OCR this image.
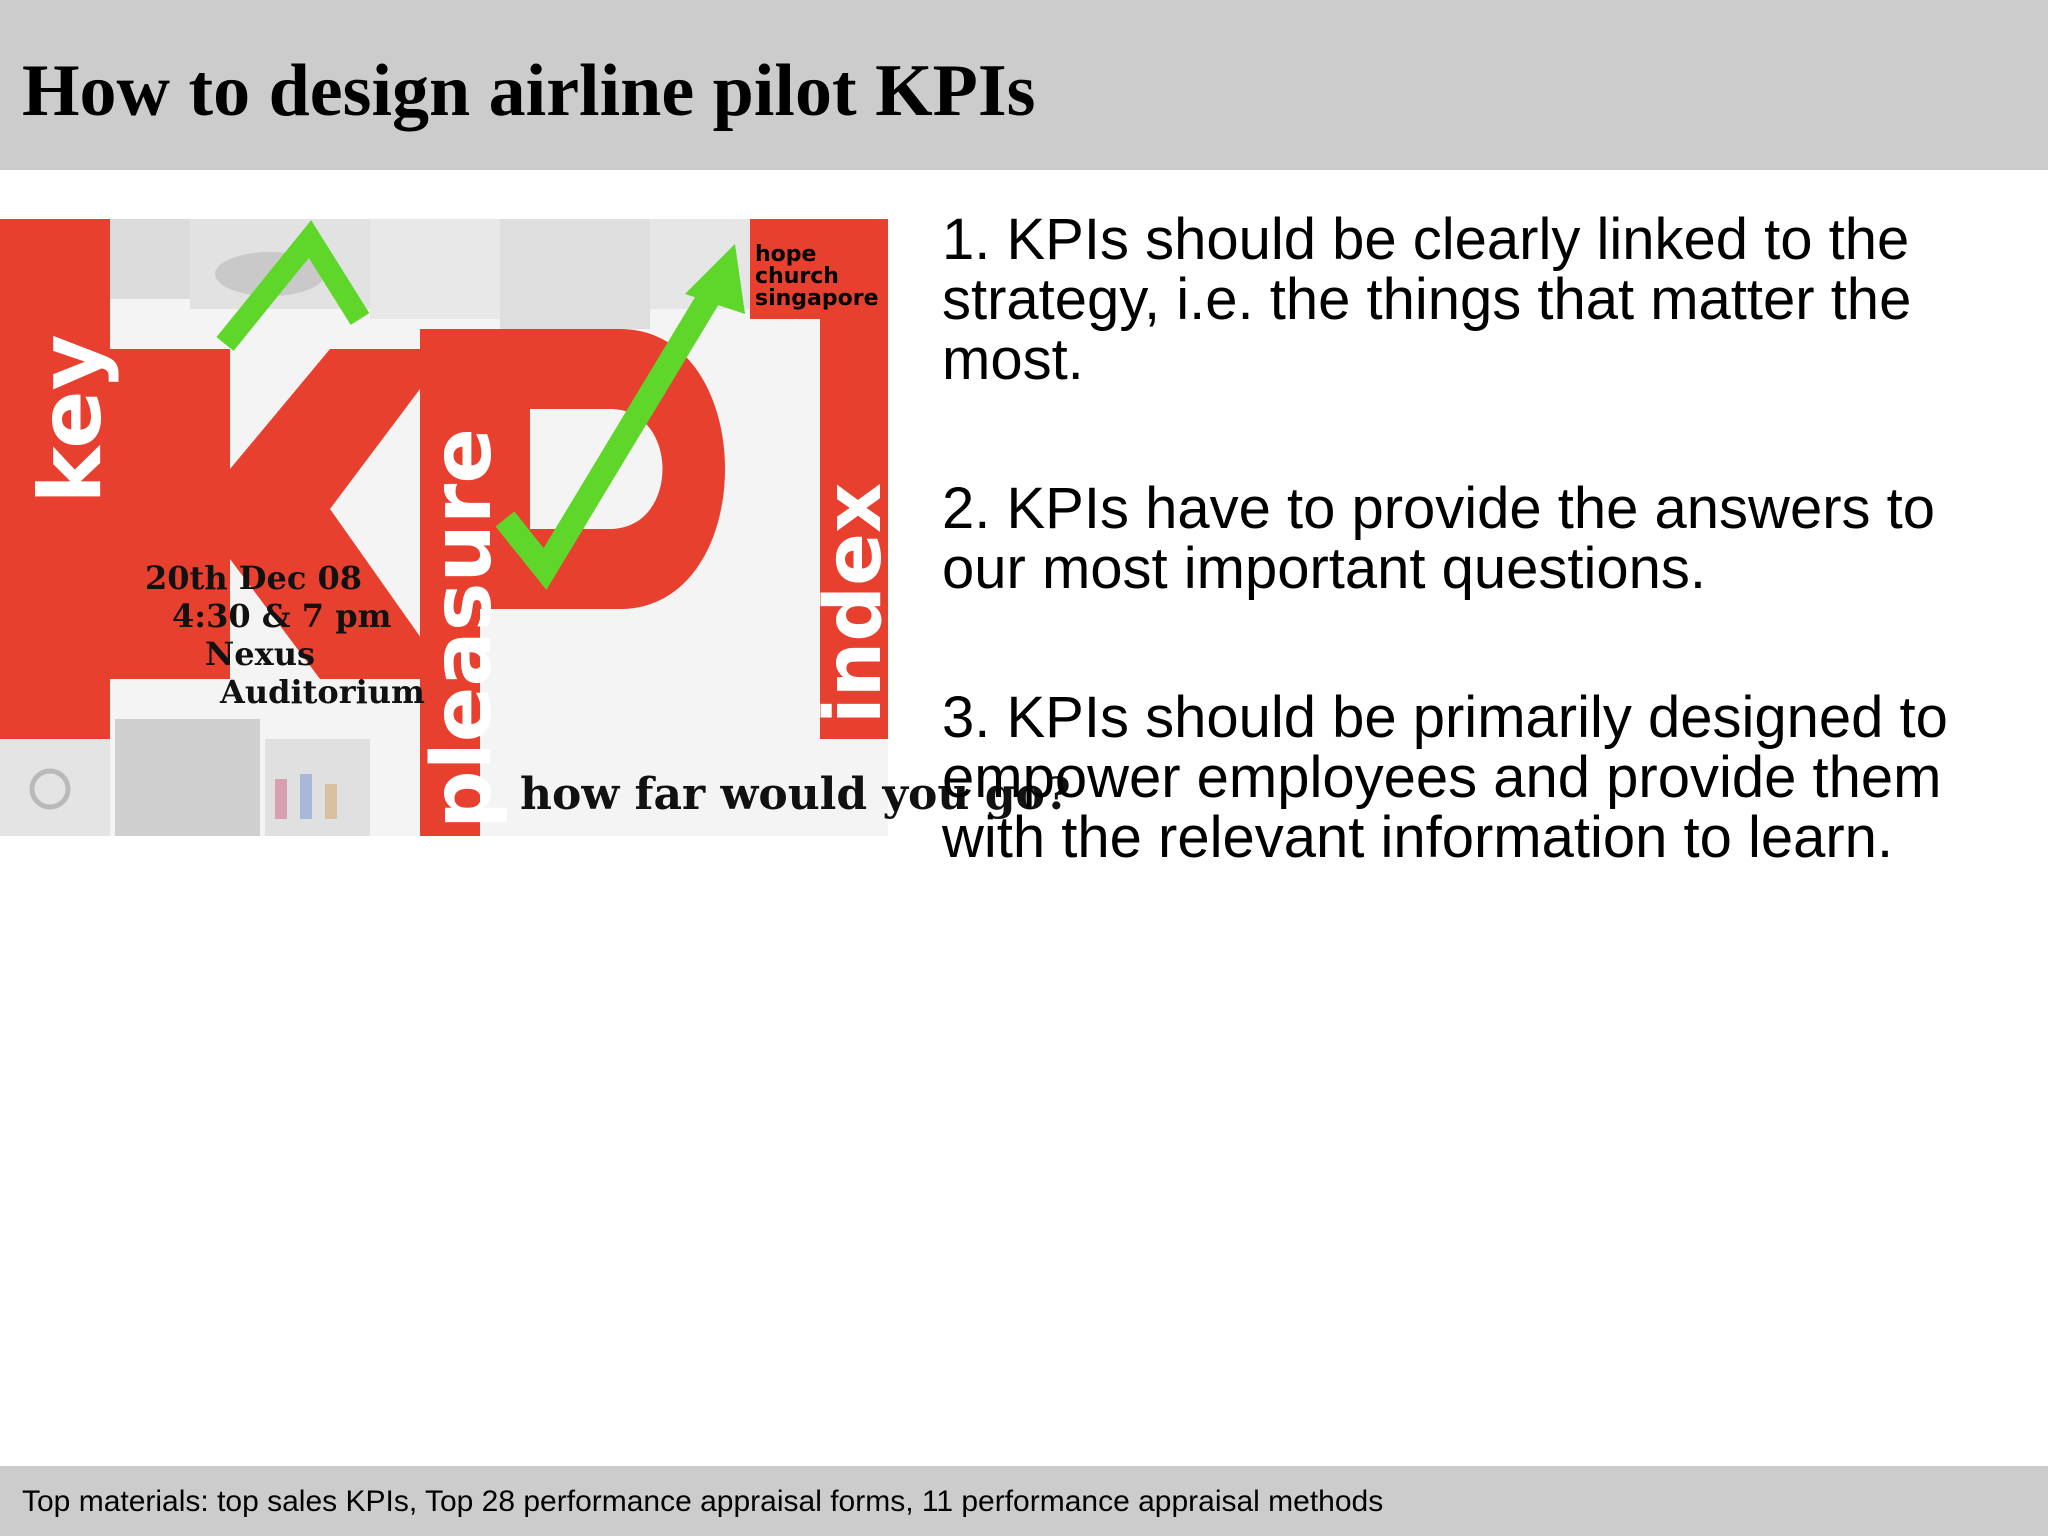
How to design airline pilot KPIs
key
pleasure	index
hope
church
singapore
20th Dec 08
4:30 & 7 pm
Nexus
Auditorium
how far would you go?
1. KPIs should be clearly linked to the strategy, i.e. the things that matter the most.
2. KPIs have to provide the answers to our most important questions.
3. KPIs should be primarily designed to empower employees and provide them with the relevant information to learn.

Top materials: top sales KPIs, Top 28 performance appraisal forms, 11 performance appraisal methods
